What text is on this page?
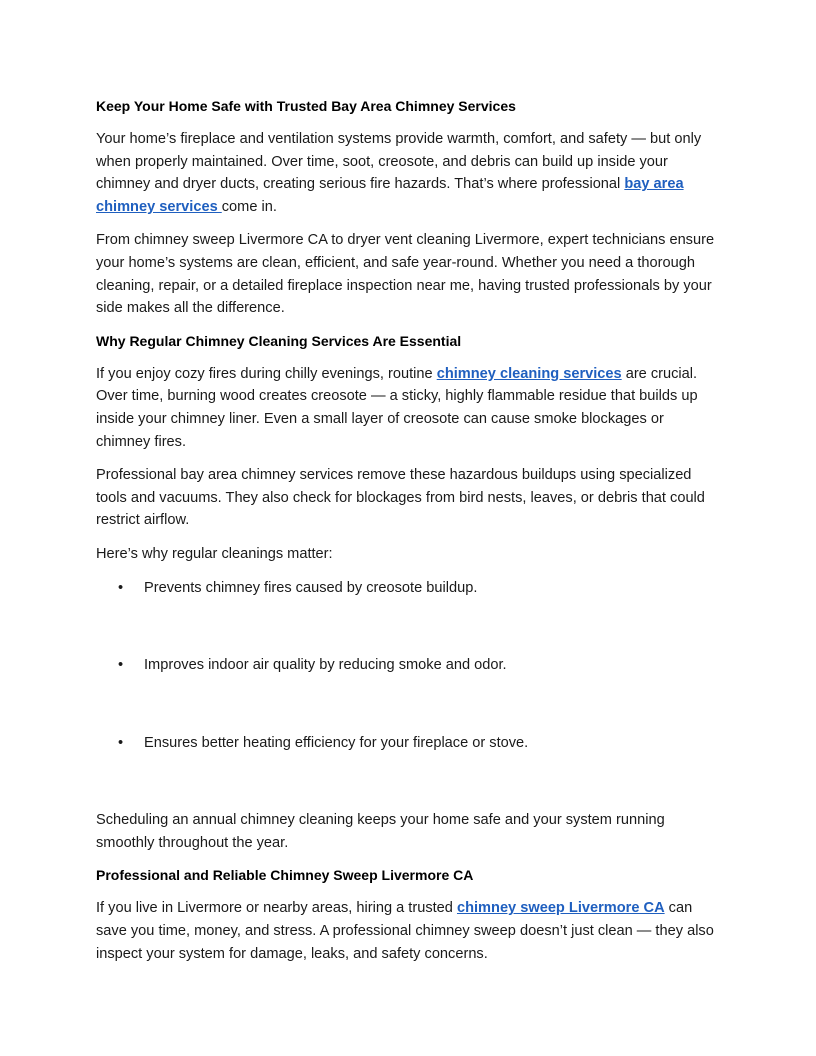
Keep Your Home Safe with Trusted Bay Area Chimney Services

Your home’s fireplace and ventilation systems provide warmth, comfort, and safety — but only when properly maintained. Over time, soot, creosote, and debris can build up inside your chimney and dryer ducts, creating serious fire hazards. That’s where professional bay area chimney services come in.

From chimney sweep Livermore CA to dryer vent cleaning Livermore, expert technicians ensure your home’s systems are clean, efficient, and safe year-round. Whether you need a thorough cleaning, repair, or a detailed fireplace inspection near me, having trusted professionals by your side makes all the difference.

Why Regular Chimney Cleaning Services Are Essential

If you enjoy cozy fires during chilly evenings, routine chimney cleaning services are crucial. Over time, burning wood creates creosote — a sticky, highly flammable residue that builds up inside your chimney liner. Even a small layer of creosote can cause smoke blockages or chimney fires.

Professional bay area chimney services remove these hazardous buildups using specialized tools and vacuums. They also check for blockages from bird nests, leaves, or debris that could restrict airflow.

Here’s why regular cleanings matter:

• Prevents chimney fires caused by creosote buildup.
• Improves indoor air quality by reducing smoke and odor.
• Ensures better heating efficiency for your fireplace or stove.

Scheduling an annual chimney cleaning keeps your home safe and your system running smoothly throughout the year.

Professional and Reliable Chimney Sweep Livermore CA

If you live in Livermore or nearby areas, hiring a trusted chimney sweep Livermore CA can save you time, money, and stress. A professional chimney sweep doesn’t just clean — they also inspect your system for damage, leaks, and safety concerns.
